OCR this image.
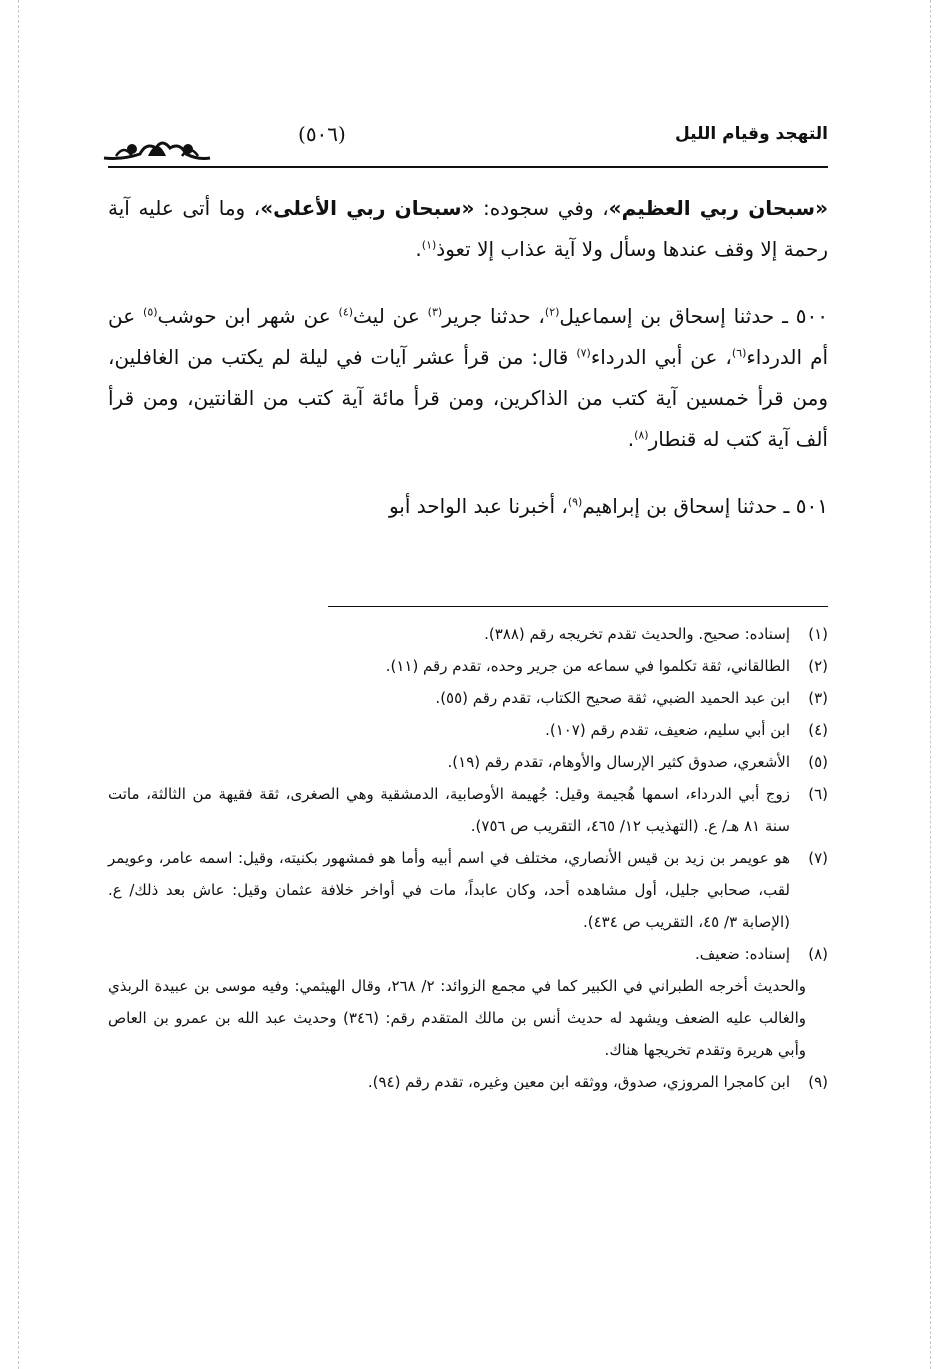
التهجد وقيام الليل
(٥٠٦)

«سبحان ربي العظيم»، وفي سجوده: «سبحان ربي الأعلى»، وما أتى عليه آية رحمة إلا وقف عندها وسأل ولا آية عذاب إلا تعوذ$^{(١)}$.

٥٠٠ ـ حدثنا إسحاق بن إسماعيل$^{(٢)}$، حدثنا جرير$^{(٣)}$ عن ليث$^{(٤)}$ عن شهر ابن حوشب$^{(٥)}$ عن أم الدرداء$^{(٦)}$، عن أبي الدرداء$^{(٧)}$ قال: من قرأ عشر آيات في ليلة لم يكتب من الغافلين، ومن قرأ خمسين آية كتب من الذاكرين، ومن قرأ مائة آية كتب من القانتين، ومن قرأ ألف آية كتب له قنطار$^{(٨)}$.

٥٠١ ـ حدثنا إسحاق بن إبراهيم$^{(٩)}$، أخبرنا عبد الواحد أبو

(١)
إسناده: صحيح. والحديث تقدم تخريجه رقم (٣٨٨).
(٢)
الطالقاني، ثقة تكلموا في سماعه من جرير وحده، تقدم رقم (١١).
(٣)
ابن عبد الحميد الضبي، ثقة صحيح الكتاب، تقدم رقم (٥٥).
(٤)
ابن أبي سليم، ضعيف، تقدم رقم (١٠٧).
(٥)
الأشعري، صدوق كثير الإرسال والأوهام، تقدم رقم (١٩).
(٦)
زوج أبي الدرداء، اسمها هُجيمة وقيل: جُهيمة الأوصابية، الدمشقية وهي الصغرى، ثقة فقيهة من الثالثة، ماتت سنة ٨١ هـ/ ع. (التهذيب ١٢/ ٤٦٥، التقريب ص ٧٥٦).
(٧)
هو عويمر بن زيد بن قيس الأنصاري، مختلف في اسم أبيه وأما هو فمشهور بكنيته، وقيل: اسمه عامر، وعويمر لقب، صحابي جليل، أول مشاهده أحد، وكان عابداً، مات في أواخر خلافة عثمان وقيل: عاش بعد ذلك/ ع. (الإصابة ٣/ ٤٥، التقريب ص ٤٣٤).
(٨)
إسناده: ضعيف.
والحديث أخرجه الطبراني في الكبير كما في مجمع الزوائد: ٢/ ٢٦٨، وقال الهيثمي: وفيه موسى بن عبيدة الربذي والغالب عليه الضعف ويشهد له حديث أنس بن مالك المتقدم رقم: (٣٤٦) وحديث عبد الله بن عمرو بن العاص وأبي هريرة وتقدم تخريجها هناك.
(٩)
ابن كامجرا المروزي، صدوق، ووثقه ابن معين وغيره، تقدم رقم (٩٤).
